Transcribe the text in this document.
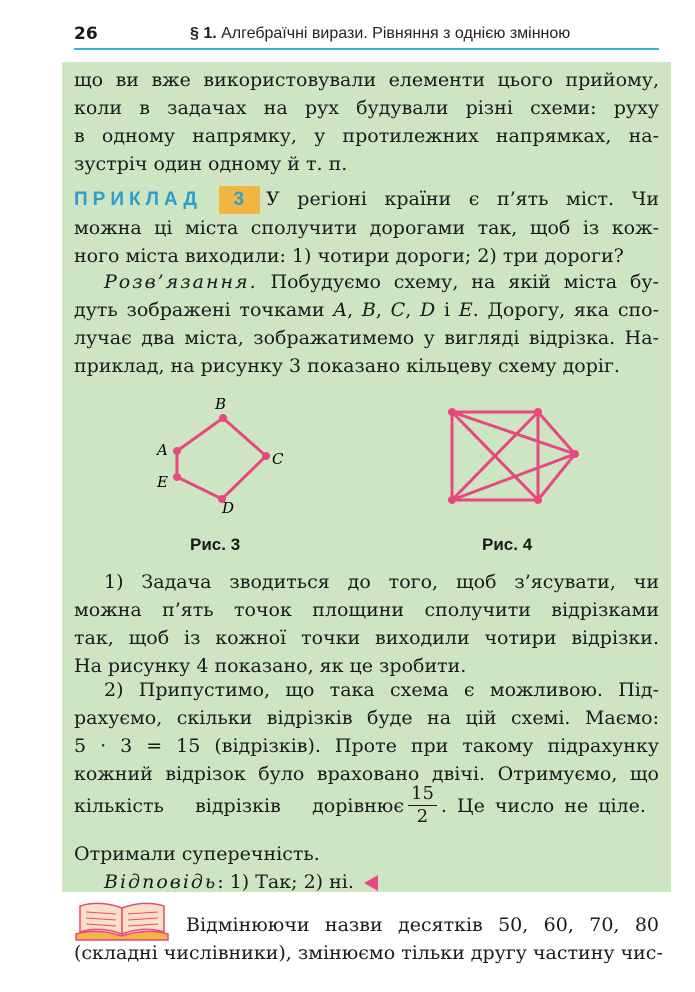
26	§ 1. Алгебраїчні вирази. Рівняння з однією змінною
що ви вже використовували елементи цього прийому,
коли в задачах на рух будували різні схеми: руху
в одному напрямку, у протилежних напрямках, на-
зустріч один одному й т. п.
ПРИКЛАД 3 У регіоні країни є п’ять міст. Чи
можна ці міста сполучити дорогами так, щоб із кож-
ного міста виходили: 1) чотири дороги; 2) три дороги?
Розв’язання. Побудуємо схему, на якій міста бу-
дуть зображені точками A, B, C, D і E. Дорогу, яка спо-
лучає два міста, зображатимемо у вигляді відрізка. На-
приклад, на рисунку 3 показано кільцеву схему доріг.
B
C
D
E
A
Рис. 3	Рис. 4
1) Задача зводиться до того, щоб з’ясувати, чи
можна п’ять точок площини сполучити відрізками
так, щоб із кожної точки виходили чотири відрізки.
На рисунку 4 показано, як це зробити.
2) Припустимо, що така схема є можливою. Під-
рахуємо, скільки відрізків буде на цій схемі. Маємо:
5 · 3 = 15 (відрізків). Проте при такому підрахунку
кожний відрізок було враховано двічі. Отримуємо, що
кількість відрізків дорівнює $\frac{15}{2}$ . Це число не ціле.
Отримали суперечність.
Відповідь: 1) Так; 2) ні.
Відмінюючи назви десятків 50, 60, 70, 80
(складні числівники), змінюємо тільки другу частину чис-
